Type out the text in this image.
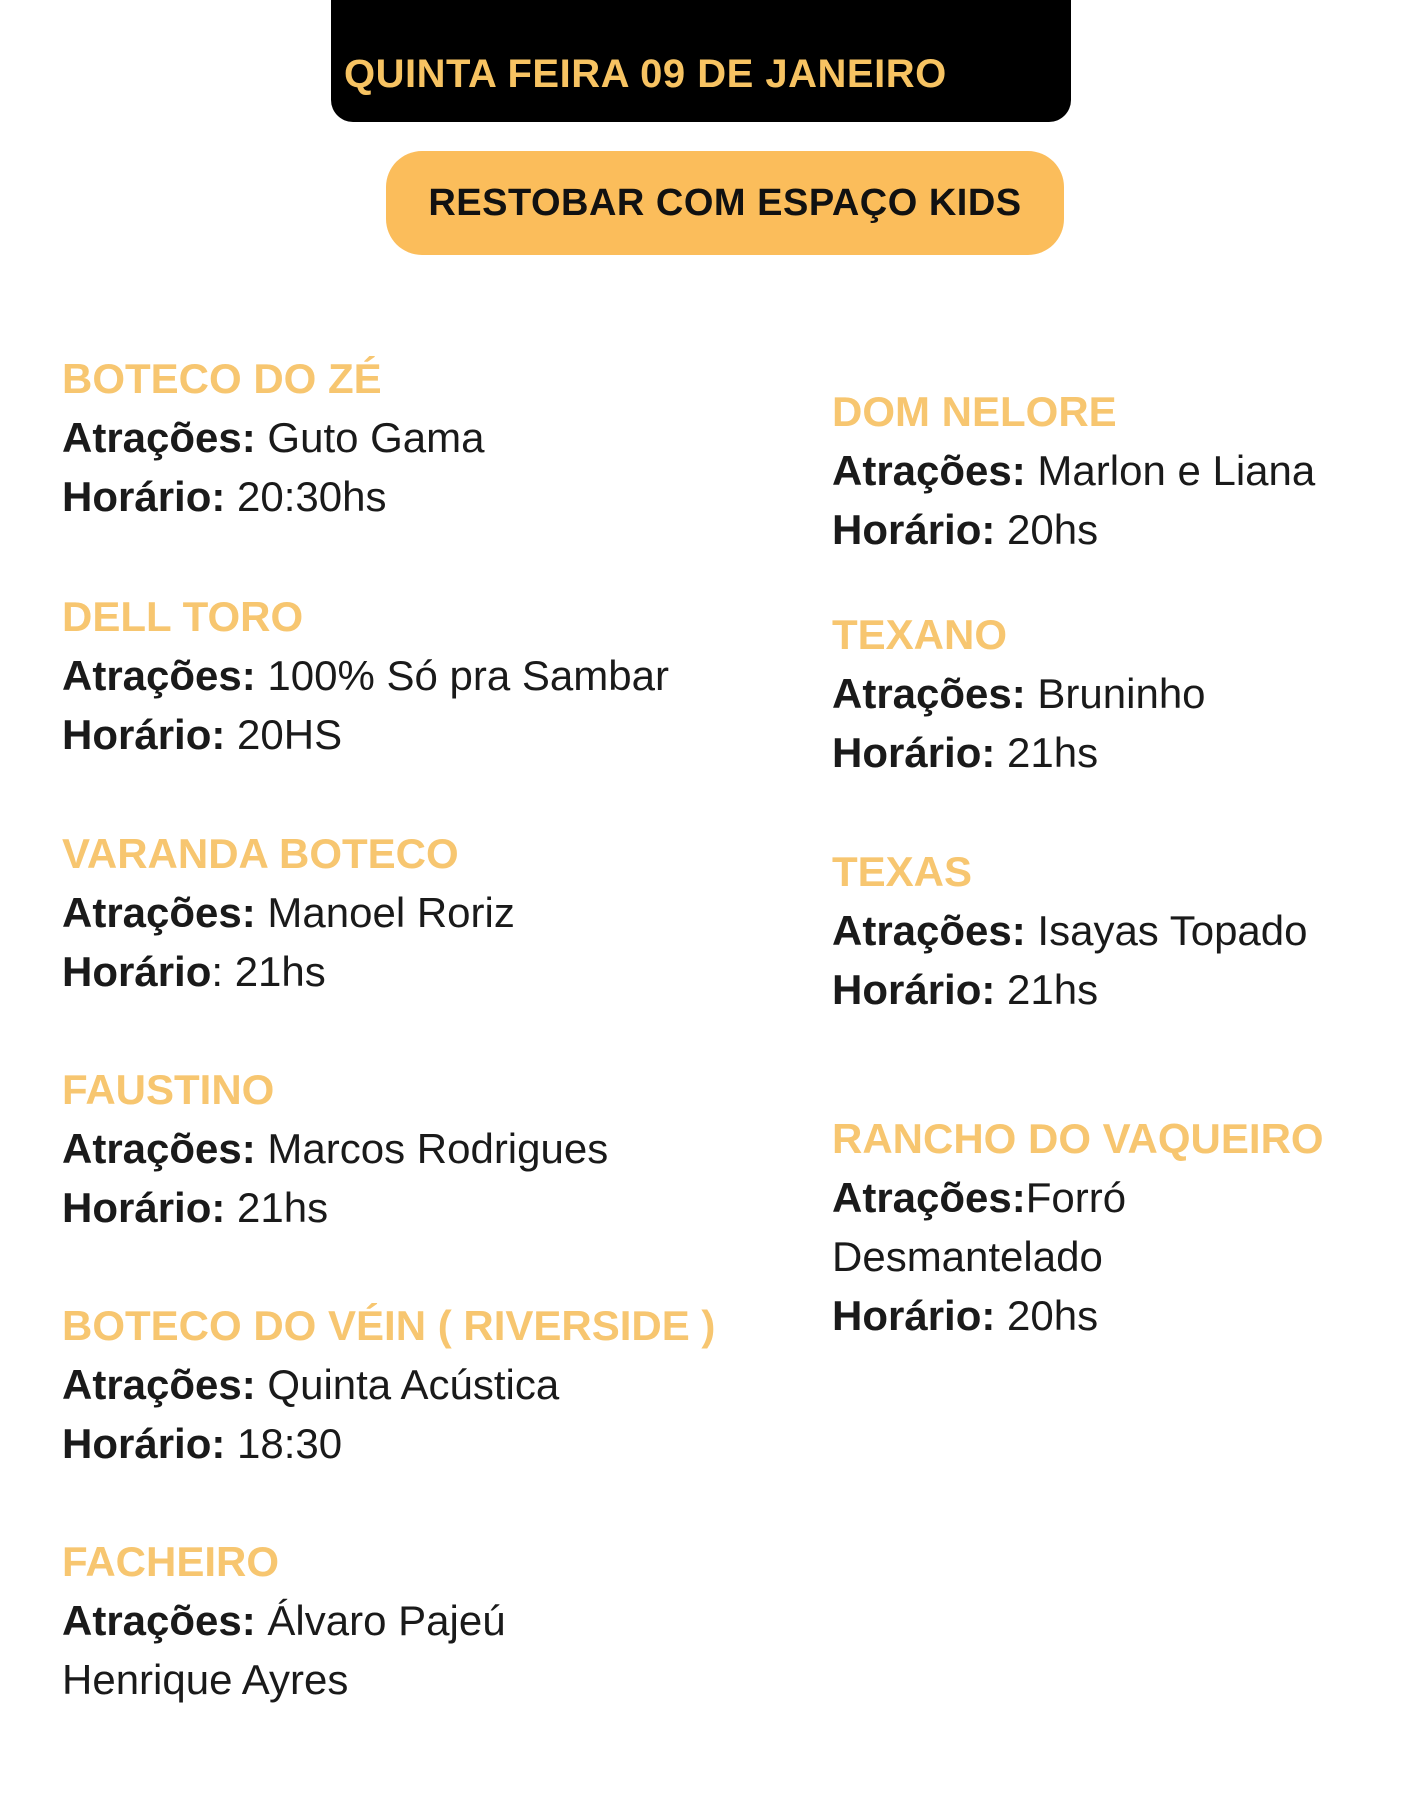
QUINTA FEIRA 09 DE JANEIRO
RESTOBAR COM ESPAÇO KIDS
BOTECO DO ZÉ
Atrações: Guto Gama
Horário: 20:30hs
DELL TORO
Atrações: 100% Só pra Sambar
Horário: 20HS
VARANDA BOTECO
Atrações: Manoel Roriz
Horário: 21hs
FAUSTINO
Atrações: Marcos Rodrigues
Horário: 21hs
BOTECO DO VÉIN ( RIVERSIDE )
Atrações: Quinta Acústica
Horário: 18:30
FACHEIRO
Atrações: Álvaro Pajeú
Henrique Ayres
DOM NELORE
Atrações: Marlon e Liana
Horário: 20hs
TEXANO
Atrações: Bruninho
Horário: 21hs
TEXAS
Atrações: Isayas Topado
Horário: 21hs
RANCHO DO VAQUEIRO
Atrações:Forró
Desmantelado
Horário: 20hs
